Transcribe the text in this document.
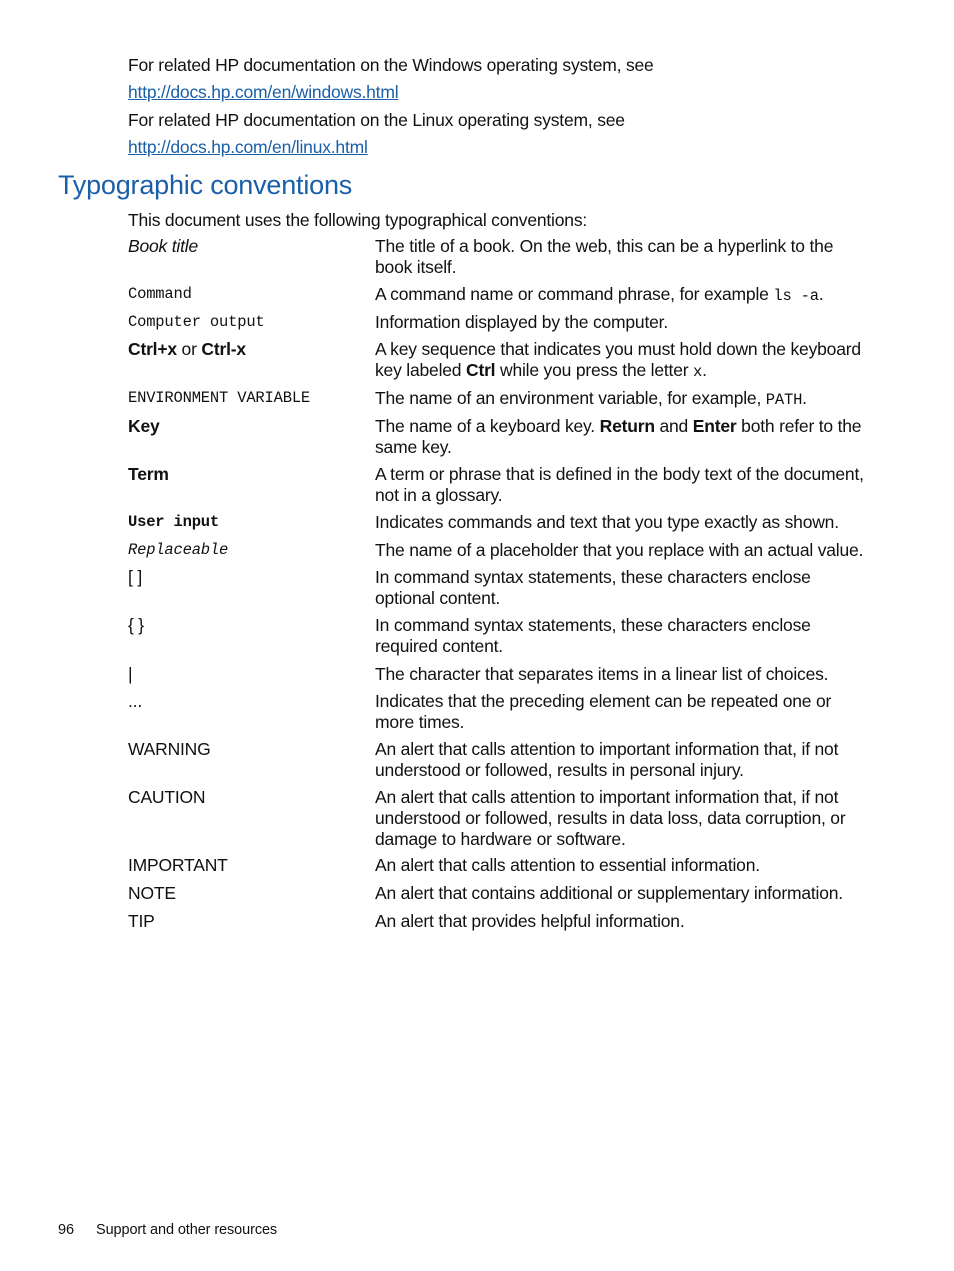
For related HP documentation on the Windows operating system, see

http://docs.hp.com/en/windows.html

For related HP documentation on the Linux operating system, see

http://docs.hp.com/en/linux.html

Typographic conventions

This document uses the following typographical conventions:

Book title	The title of a book. On the web, this can be a hyperlink to the book itself.
Command	A command name or command phrase, for example ls -a.
Computer output	Information displayed by the computer.
Ctrl+x or Ctrl-x	A key sequence that indicates you must hold down the keyboard key labeled Ctrl while you press the letter x.
ENVIRONMENT VARIABLE	The name of an environment variable, for example, PATH.
Key	The name of a keyboard key. Return and Enter both refer to the same key.
Term	A term or phrase that is defined in the body text of the document, not in a glossary.
User input	Indicates commands and text that you type exactly as shown.
Replaceable	The name of a placeholder that you replace with an actual value.
[ ]	In command syntax statements, these characters enclose optional content.
{ }	In command syntax statements, these characters enclose required content.
|	The character that separates items in a linear list of choices.
...	Indicates that the preceding element can be repeated one or more times.
WARNING	An alert that calls attention to important information that, if not understood or followed, results in personal injury.
CAUTION	An alert that calls attention to important information that, if not understood or followed, results in data loss, data corruption, or damage to hardware or software.
IMPORTANT	An alert that calls attention to essential information.
NOTE	An alert that contains additional or supplementary information.
TIP	An alert that provides helpful information.
96 Support and other resources
